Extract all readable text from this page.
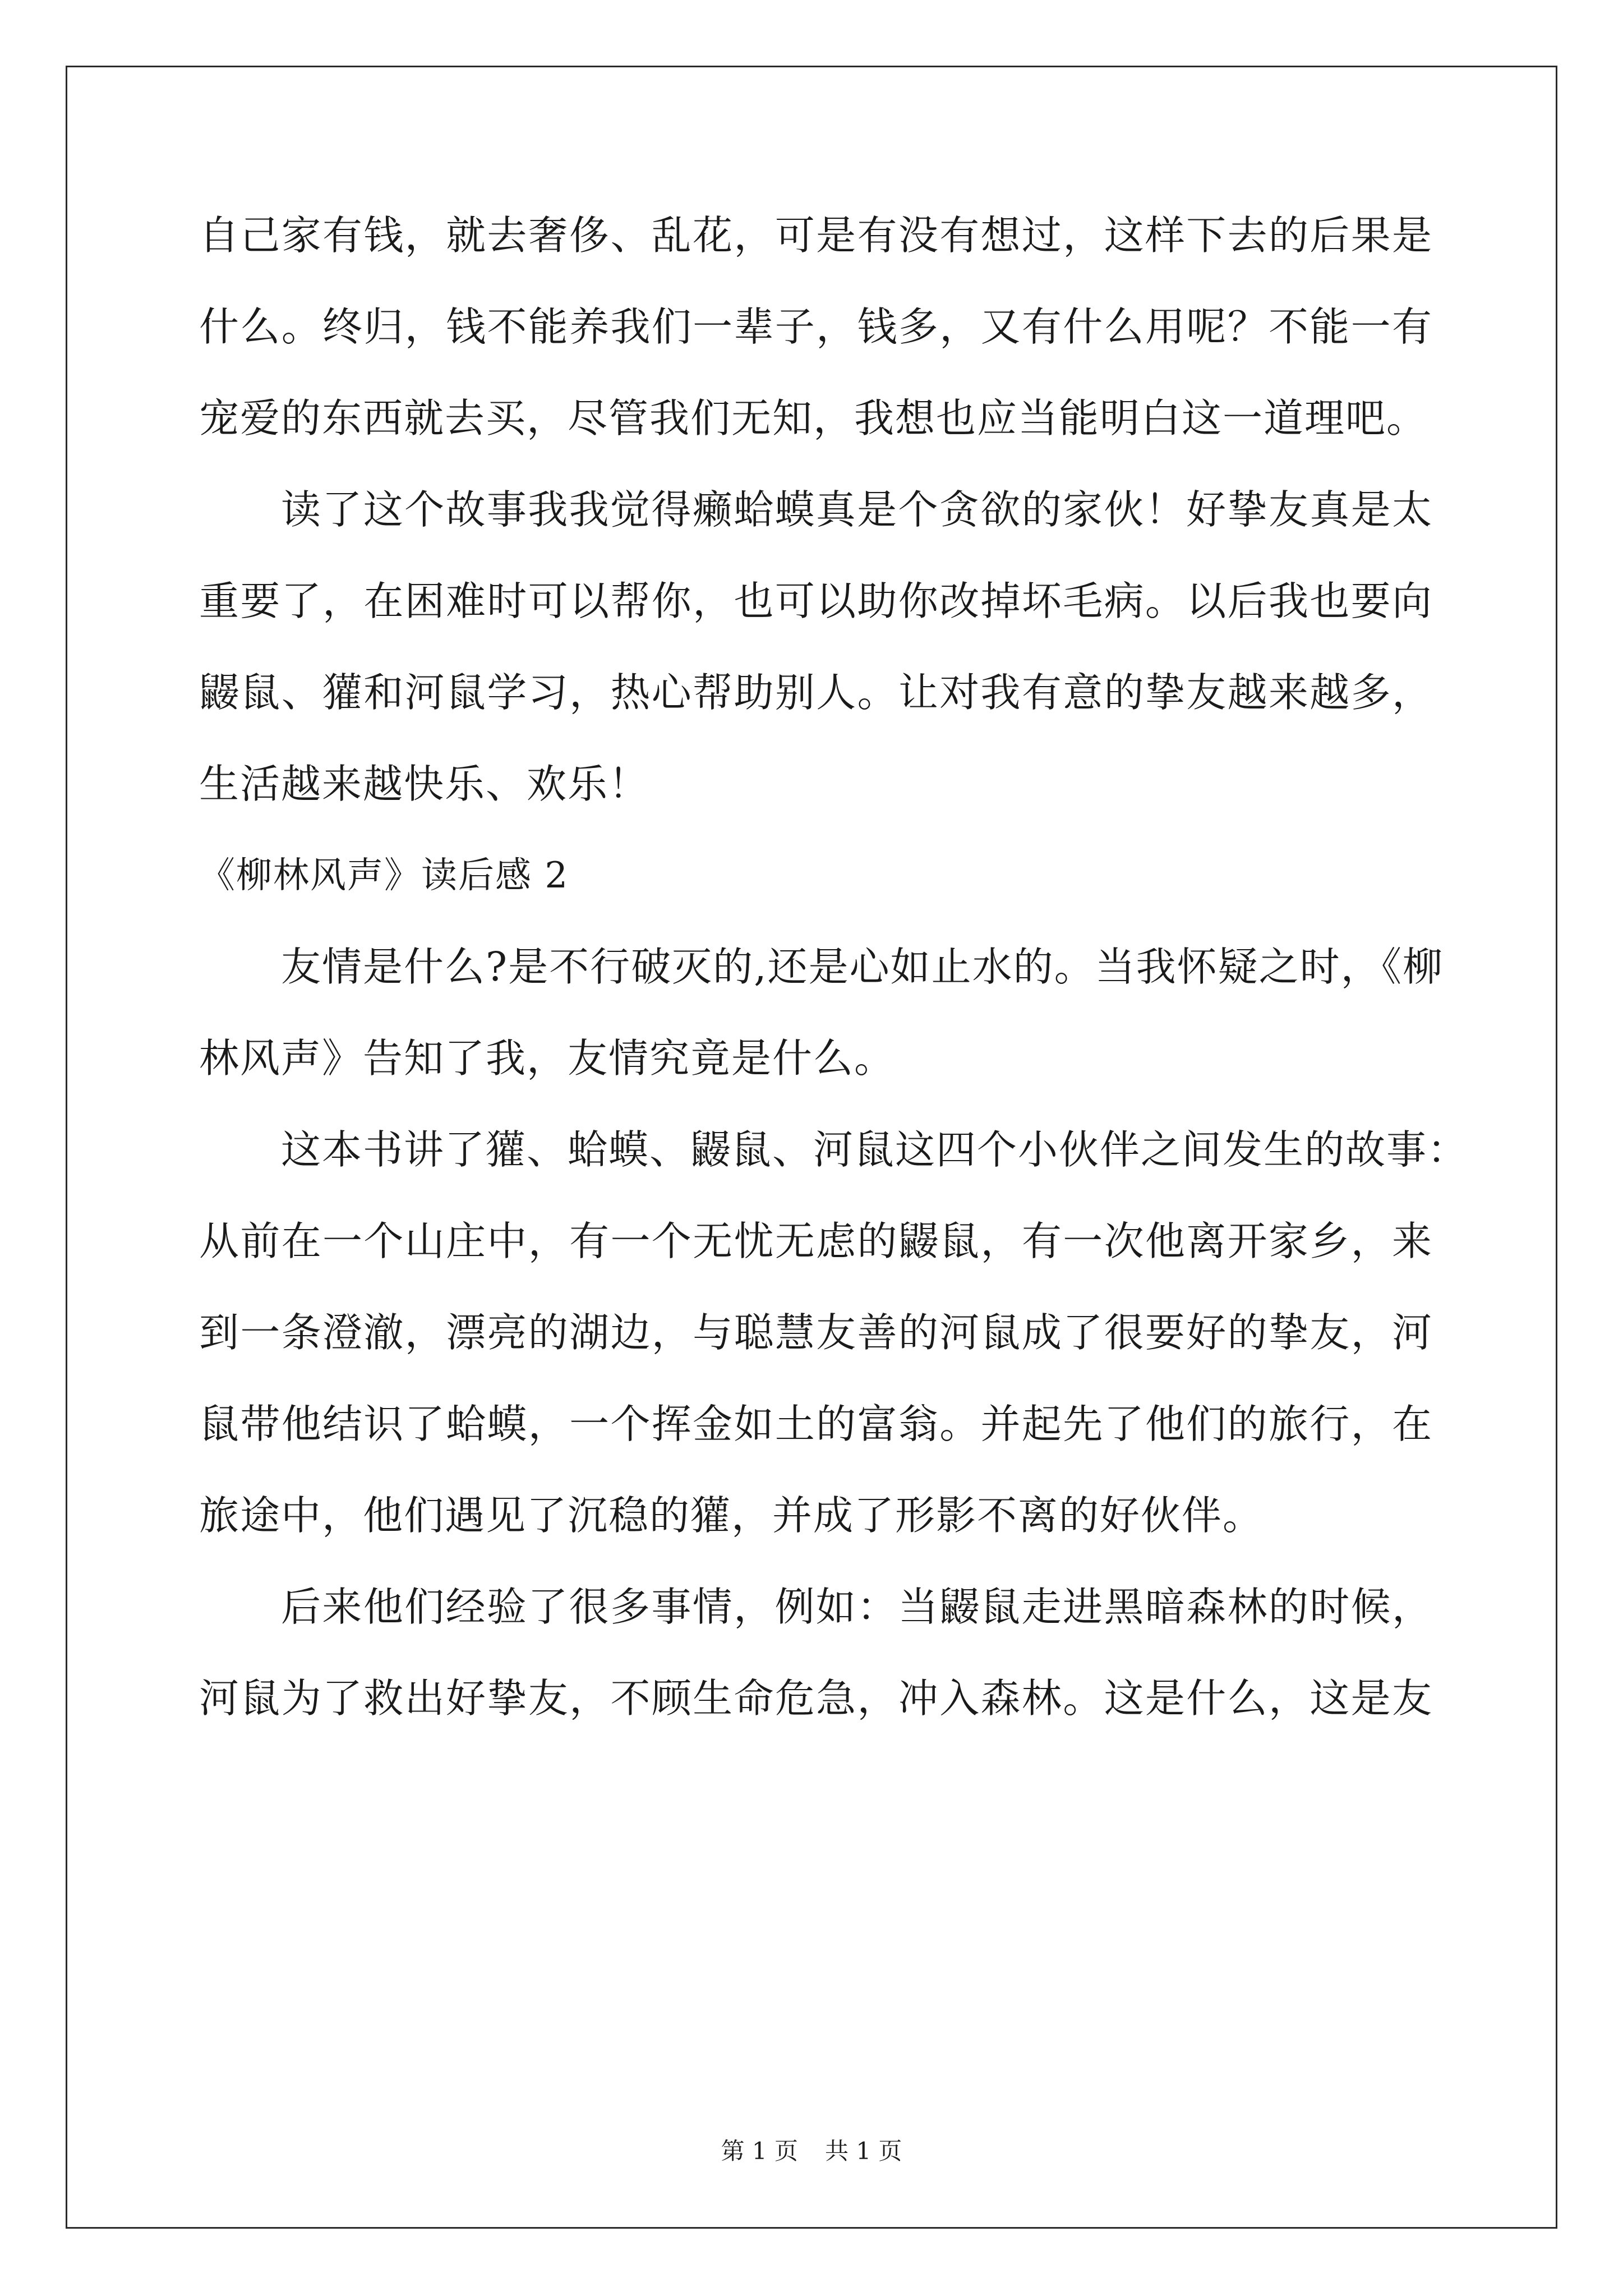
自己家有钱，就去奢侈、乱花，可是有没有想过，这样下去的后果是
什么。终归，钱不能养我们一辈子，钱多，又有什么用呢？不能一有
宠爱的东西就去买，尽管我们无知，我想也应当能明白这一道理吧。
读了这个故事我我觉得癞蛤蟆真是个贪欲的家伙！好挚友真是太
重要了，在困难时可以帮你，也可以助你改掉坏毛病。以后我也要向
鼹鼠、獾和河鼠学习，热心帮助别人。让对我有意的挚友越来越多，
生活越来越快乐、欢乐！
《柳林风声》读后感 2
友情是什么?是不行破灭的,还是心如止水的。当我怀疑之时，《柳
林风声》告知了我，友情究竟是什么。
这本书讲了獾、蛤蟆、鼹鼠、河鼠这四个小伙伴之间发生的故事：
从前在一个山庄中，有一个无忧无虑的鼹鼠，有一次他离开家乡，来
到一条澄澈，漂亮的湖边，与聪慧友善的河鼠成了很要好的挚友，河
鼠带他结识了蛤蟆，一个挥金如土的富翁。并起先了他们的旅行，在
旅途中，他们遇见了沉稳的獾，并成了形影不离的好伙伴。
后来他们经验了很多事情，例如：当鼹鼠走进黑暗森林的时候，
河鼠为了救出好挚友，不顾生命危急，冲入森林。这是什么，这是友
第 1 页 共 1 页
